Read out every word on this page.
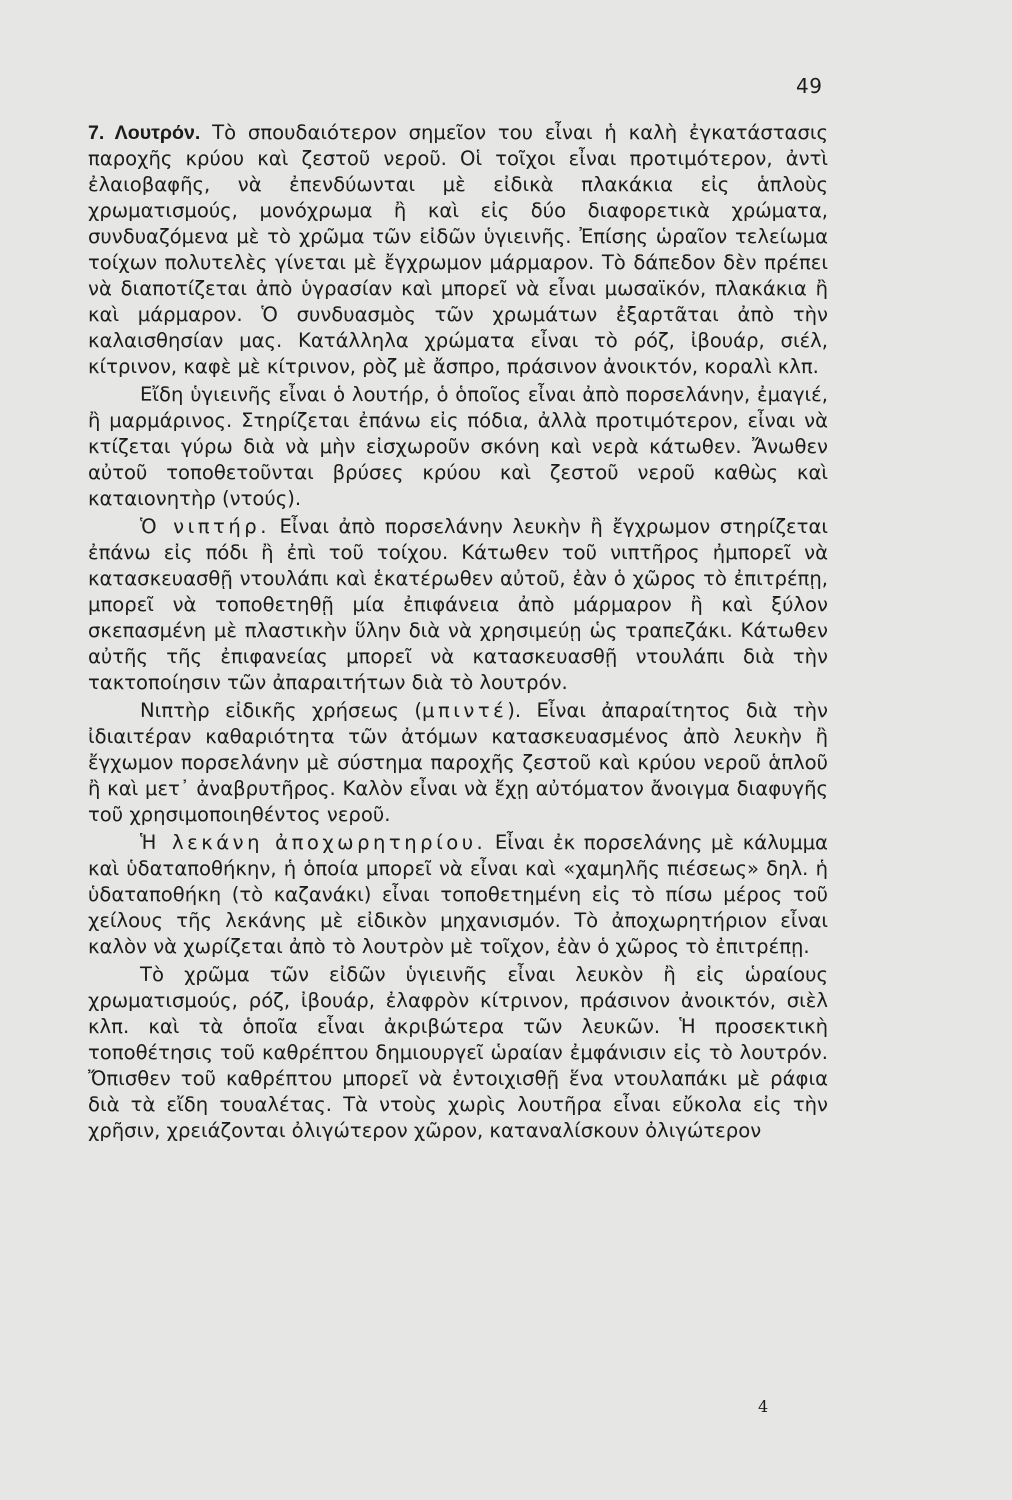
49

7. Λουτρόν. Τὸ σπουδαιότερον σημεῖον του εἶναι ἡ καλὴ ἐγκατάστασις παροχῆς κρύου καὶ ζεστοῦ νεροῦ. Οἱ τοῖχοι εἶναι προτιμότερον, ἀντὶ ἐλαιοβαφῆς, νὰ ἐπενδύωνται μὲ εἰδικὰ πλακάκια εἰς ἁπλοὺς χρωματισμούς, μονόχρωμα ἢ καὶ εἰς δύο διαφορετικὰ χρώματα, συνδυαζόμενα μὲ τὸ χρῶμα τῶν εἰδῶν ὑγιεινῆς. Ἐπίσης ὡραῖον τελείωμα τοίχων πολυτελὲς γίνεται μὲ ἔγχρωμον μάρμαρον. Τὸ δάπεδον δὲν πρέπει νὰ διαποτίζεται ἀπὸ ὑγρασίαν καὶ μπορεῖ νὰ εἶναι μωσαϊκόν, πλακάκια ἢ καὶ μάρμαρον. Ὁ συνδυασμὸς τῶν χρωμάτων ἐξαρτᾶται ἀπὸ τὴν καλαισθησίαν μας. Κατάλληλα χρώματα εἶναι τὸ ρόζ, ἰβουάρ, σιέλ, κίτρινον, καφὲ μὲ κίτρινον, ρὸζ μὲ ἄσπρο, πράσινον ἀνοικτόν, κοραλὶ κλπ.

Εἴδη ὑγιεινῆς εἶναι ὁ λουτήρ, ὁ ὁποῖος εἶναι ἀπὸ πορσελάνην, ἐμαγιέ, ἢ μαρμάρινος. Στηρίζεται ἐπάνω εἰς πόδια, ἀλλὰ προτιμότερον, εἶναι νὰ κτίζεται γύρω διὰ νὰ μὴν εἰσχωροῦν σκόνη καὶ νερὰ κάτωθεν. Ἄνωθεν αὐτοῦ τοποθετοῦνται βρύσες κρύου καὶ ζεστοῦ νεροῦ καθὼς καὶ καταιονητὴρ (ντούς).

Ὁ νιπτήρ. Εἶναι ἀπὸ πορσελάνην λευκὴν ἢ ἔγχρωμον στηρίζεται ἐπάνω εἰς πόδι ἢ ἐπὶ τοῦ τοίχου. Κάτωθεν τοῦ νιπτῆρος ἠμπορεῖ νὰ κατασκευασθῇ ντουλάπι καὶ ἑκατέρωθεν αὐτοῦ, ἐὰν ὁ χῶρος τὸ ἐπιτρέπῃ, μπορεῖ νὰ τοποθετηθῇ μία ἐπιφάνεια ἀπὸ μάρμαρον ἢ καὶ ξύλον σκεπασμένη μὲ πλαστικὴν ὕλην διὰ νὰ χρησιμεύῃ ὡς τραπεζάκι. Κάτωθεν αὐτῆς τῆς ἐπιφανείας μπορεῖ νὰ κατασκευασθῇ ντουλάπι διὰ τὴν τακτοποίησιν τῶν ἀπαραιτήτων διὰ τὸ λουτρόν.

Νιπτὴρ εἰδικῆς χρήσεως (μπιντέ). Εἶναι ἀπαραίτητος διὰ τὴν ἰδιαιτέραν καθαριότητα τῶν ἀτόμων κατασκευασμένος ἀπὸ λευκὴν ἢ ἔγχωμον πορσελάνην μὲ σύστημα παροχῆς ζεστοῦ καὶ κρύου νεροῦ ἁπλοῦ ἢ καὶ μετ᾽ ἀναβρυτῆρος. Καλὸν εἶναι νὰ ἔχῃ αὐτόματον ἄνοιγμα διαφυγῆς τοῦ χρησιμοποιηθέντος νεροῦ.

Ἡ λεκάνη ἀποχωρητηρίου. Εἶναι ἐκ πορσελάνης μὲ κάλυμμα καὶ ὑδαταποθήκην, ἡ ὁποία μπορεῖ νὰ εἶναι καὶ «χαμηλῆς πιέσεως» δηλ. ἡ ὑδαταποθήκη (τὸ καζανάκι) εἶναι τοποθετημένη εἰς τὸ πίσω μέρος τοῦ χείλους τῆς λεκάνης μὲ εἰδικὸν μηχανισμόν. Τὸ ἀποχωρητήριον εἶναι καλὸν νὰ χωρίζεται ἀπὸ τὸ λουτρὸν μὲ τοῖχον, ἐὰν ὁ χῶρος τὸ ἐπιτρέπῃ.

Τὸ χρῶμα τῶν εἰδῶν ὑγιεινῆς εἶναι λευκὸν ἢ εἰς ὡραίους χρωματισμούς, ρόζ, ἰβουάρ, ἐλαφρὸν κίτρινον, πράσινον ἀνοικτόν, σιὲλ κλπ. καὶ τὰ ὁποῖα εἶναι ἀκριβώτερα τῶν λευκῶν. Ἡ προσεκτικὴ τοποθέτησις τοῦ καθρέπτου δημιουργεῖ ὡραίαν ἐμφάνισιν εἰς τὸ λουτρόν. Ὄπισθεν τοῦ καθρέπτου μπορεῖ νὰ ἐντοιχισθῇ ἕνα ντουλαπάκι μὲ ράφια διὰ τὰ εἴδη τουαλέτας. Τὰ ντοὺς χωρὶς λουτῆρα εἶναι εὔκολα εἰς τὴν χρῆσιν, χρειάζονται ὀλιγώτερον χῶρον, καταναλίσκουν ὀλιγώτερον

4
